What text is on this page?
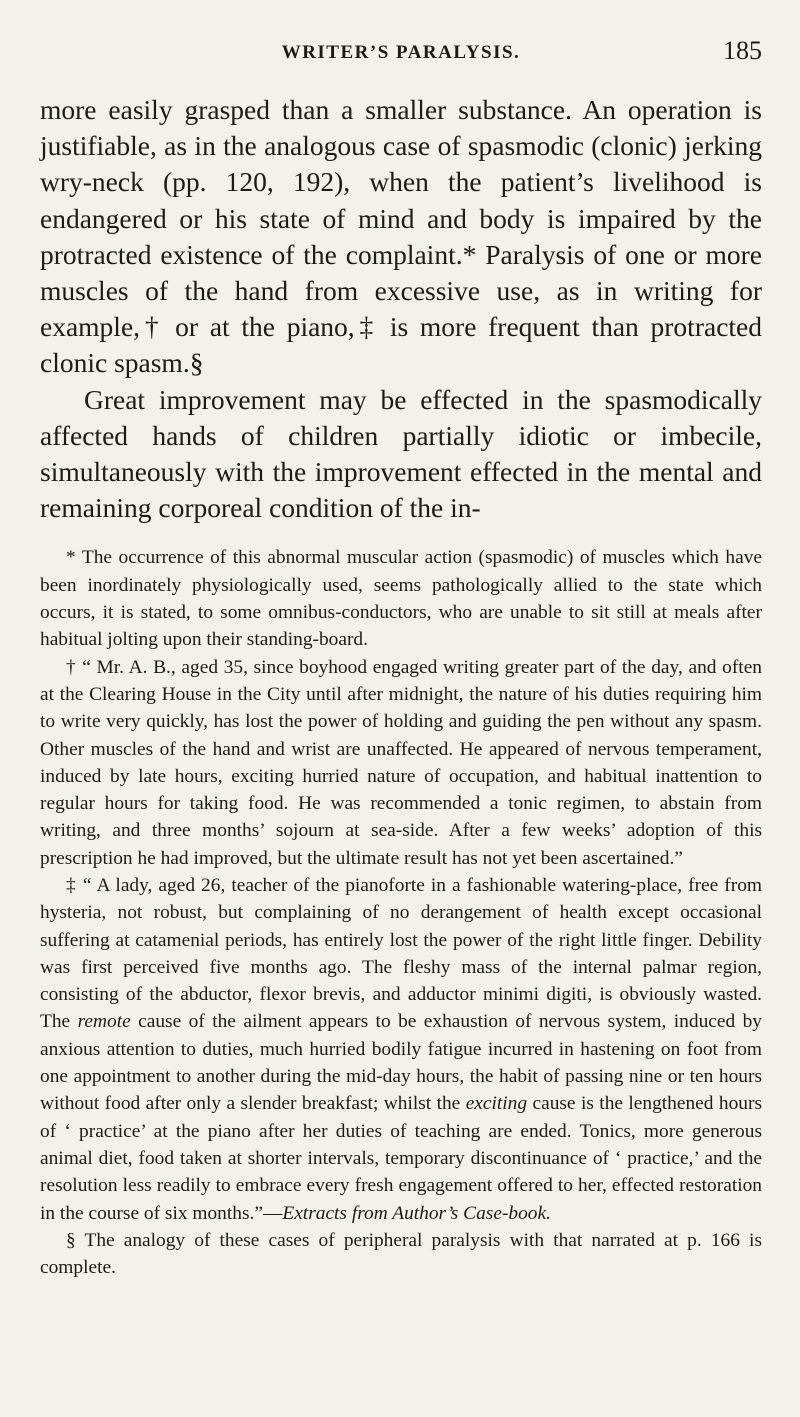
WRITER’S PARALYSIS.	185

more easily grasped than a smaller substance. An operation is justifiable, as in the analogous case of spasmodic (clonic) jerking wry-neck (pp. 120, 192), when the patient’s livelihood is endangered or his state of mind and body is impaired by the protracted existence of the complaint.* Paralysis of one or more muscles of the hand from excessive use, as in writing for example,† or at the piano,‡ is more frequent than protracted clonic spasm.§

Great improvement may be effected in the spasmodically affected hands of children partially idiotic or imbecile, simultaneously with the improvement effected in the mental and remaining corporeal condition of the in-

* The occurrence of this abnormal muscular action (spasmodic) of muscles which have been inordinately physiologically used, seems pathologically allied to the state which occurs, it is stated, to some omnibus-conductors, who are unable to sit still at meals after habitual jolting upon their standing-board.

† “ Mr. A. B., aged 35, since boyhood engaged writing greater part of the day, and often at the Clearing House in the City until after midnight, the nature of his duties requiring him to write very quickly, has lost the power of holding and guiding the pen without any spasm. Other muscles of the hand and wrist are unaffected. He appeared of nervous temperament, induced by late hours, exciting hurried nature of occupation, and habitual inattention to regular hours for taking food. He was recommended a tonic regimen, to abstain from writing, and three months’ sojourn at sea-side. After a few weeks’ adoption of this prescription he had improved, but the ultimate result has not yet been ascertained.”

‡ “ A lady, aged 26, teacher of the pianoforte in a fashionable watering-place, free from hysteria, not robust, but complaining of no derangement of health except occasional suffering at catamenial periods, has entirely lost the power of the right little finger. Debility was first perceived five months ago. The fleshy mass of the internal palmar region, consisting of the abductor, flexor brevis, and adductor minimi digiti, is obviously wasted. The remote cause of the ailment appears to be exhaustion of nervous system, induced by anxious attention to duties, much hurried bodily fatigue incurred in hastening on foot from one appointment to another during the mid-day hours, the habit of passing nine or ten hours without food after only a slender breakfast; whilst the exciting cause is the lengthened hours of ‘ practice’ at the piano after her duties of teaching are ended. Tonics, more generous animal diet, food taken at shorter intervals, temporary discontinuance of ‘ practice,’ and the resolution less readily to embrace every fresh engagement offered to her, effected restoration in the course of six months.”—Extracts from Author’s Case-book.

§ The analogy of these cases of peripheral paralysis with that narrated at p. 166 is complete.
